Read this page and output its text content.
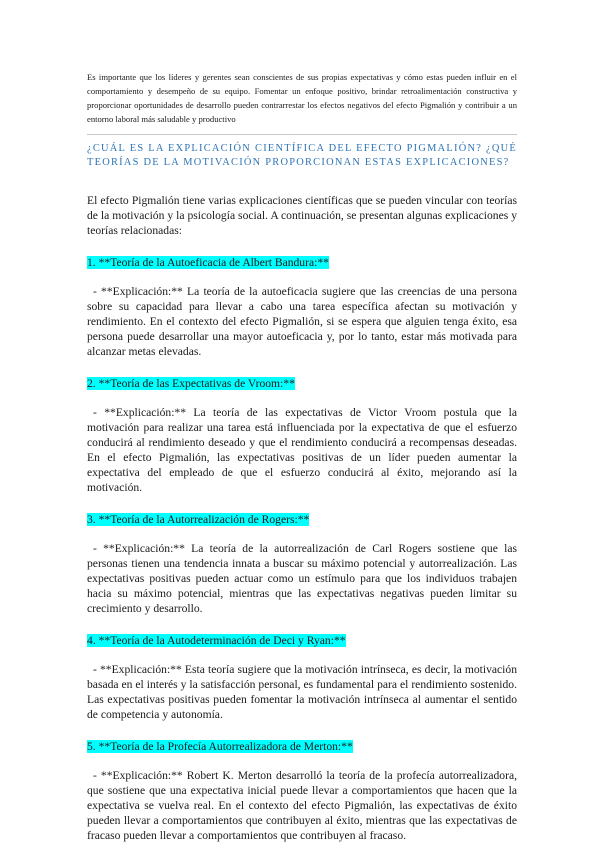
Es importante que los líderes y gerentes sean conscientes de sus propias expectativas y cómo estas pueden influir en el comportamiento y desempeño de su equipo. Fomentar un enfoque positivo, brindar retroalimentación constructiva y proporcionar oportunidades de desarrollo pueden contrarrestar los efectos negativos del efecto Pigmalión y contribuir a un entorno laboral más saludable y productivo

¿CUÁL ES LA EXPLICACIÓN CIENTÍFICA DEL EFECTO PIGMALIÓN? ¿QUÉ TEORÍAS DE LA MOTIVACIÓN PROPORCIONAN ESTAS EXPLICACIONES?

El efecto Pigmalión tiene varias explicaciones científicas que se pueden vincular con teorías de la motivación y la psicología social. A continuación, se presentan algunas explicaciones y teorías relacionadas:

1. **Teoría de la Autoeficacia de Albert Bandura:**

- **Explicación:** La teoría de la autoeficacia sugiere que las creencias de una persona sobre su capacidad para llevar a cabo una tarea específica afectan su motivación y rendimiento. En el contexto del efecto Pigmalión, si se espera que alguien tenga éxito, esa persona puede desarrollar una mayor autoeficacia y, por lo tanto, estar más motivada para alcanzar metas elevadas.

2. **Teoría de las Expectativas de Vroom:**

- **Explicación:** La teoría de las expectativas de Victor Vroom postula que la motivación para realizar una tarea está influenciada por la expectativa de que el esfuerzo conducirá al rendimiento deseado y que el rendimiento conducirá a recompensas deseadas. En el efecto Pigmalión, las expectativas positivas de un líder pueden aumentar la expectativa del empleado de que el esfuerzo conducirá al éxito, mejorando así la motivación.

3. **Teoría de la Autorrealización de Rogers:**

- **Explicación:** La teoría de la autorrealización de Carl Rogers sostiene que las personas tienen una tendencia innata a buscar su máximo potencial y autorrealización. Las expectativas positivas pueden actuar como un estímulo para que los individuos trabajen hacia su máximo potencial, mientras que las expectativas negativas pueden limitar su crecimiento y desarrollo.

4. **Teoría de la Autodeterminación de Deci y Ryan:**

- **Explicación:** Esta teoría sugiere que la motivación intrínseca, es decir, la motivación basada en el interés y la satisfacción personal, es fundamental para el rendimiento sostenido. Las expectativas positivas pueden fomentar la motivación intrínseca al aumentar el sentido de competencia y autonomía.

5. **Teoría de la Profecía Autorrealizadora de Merton:**

- **Explicación:** Robert K. Merton desarrolló la teoría de la profecía autorrealizadora, que sostiene que una expectativa inicial puede llevar a comportamientos que hacen que la expectativa se vuelva real. En el contexto del efecto Pigmalión, las expectativas de éxito pueden llevar a comportamientos que contribuyen al éxito, mientras que las expectativas de fracaso pueden llevar a comportamientos que contribuyen al fracaso.
